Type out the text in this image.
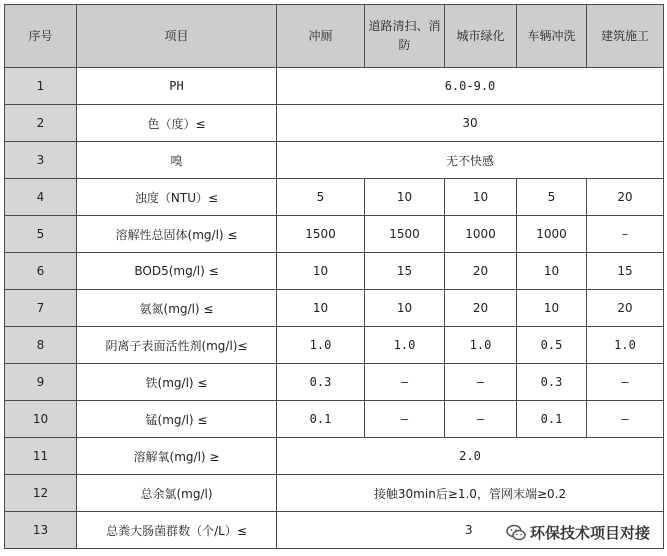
序号	项目	冲厕	道路清扫、消防	城市绿化	车辆冲洗	建筑施工
1	PH	6.0-9.0				
2	色（度）≤	30				
3	嗅	无不快感				
4	浊度（NTU）≤	5	10	10	5	20
5	溶解性总固体(mg/l) ≤	1500	1500	1000	1000	–
6	BOD5(mg/l) ≤	10	15	20	10	15
7	氨氮(mg/l) ≤	10	10	20	10	20
8	阴离子表面活性剂(mg/l)≤	1.0	1.0	1.0	0.5	1.0
9	铁(mg/l) ≤	0.3	–	–	0.3	–
10	锰(mg/l) ≤	0.1	–	–	0.1	–
11	溶解氧(mg/l) ≥	2.0				
12	总余氯(mg/l)	接触30min后≥1.0，管网末端≥0.2				
13	总粪大肠菌群数（个/L）≤	3					环保技术项目对接
